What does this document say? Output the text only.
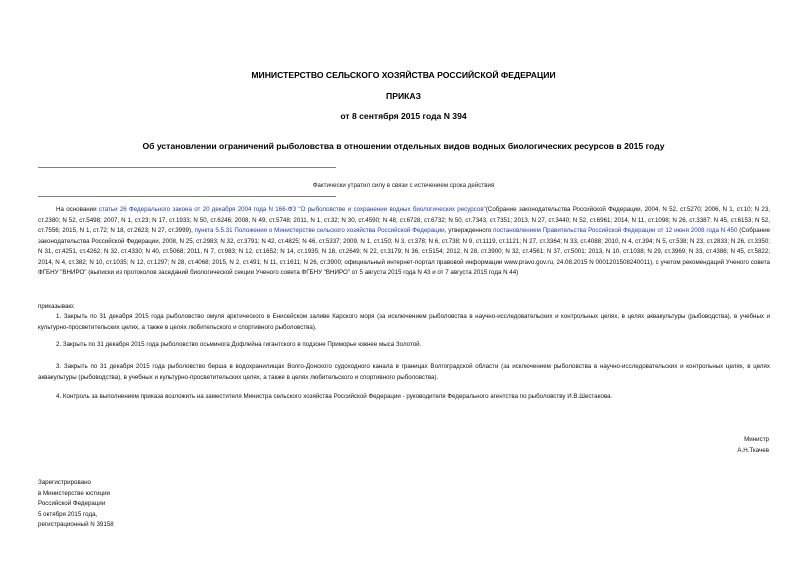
МИНИСТЕРСТВО СЕЛЬСКОГО ХОЗЯЙСТВА РОССИЙСКОЙ ФЕДЕРАЦИИ
ПРИКАЗ
от 8 сентября 2015 года N 394
Об установлении ограничений рыболовства в отношении отдельных видов водных биологических ресурсов в 2015 году
Фактически утратил силу в связи с истечением срока действия
На основании статьи 26 Федерального закона от 20 декабря 2004 года N 166-ФЗ "О рыболовстве и сохранении водных биологических ресурсов"(Собрание законодательства Российской Федерации, 2004, N 52, ст.5270; 2006, N 1, ст.10; N 23, ст.2380; N 52, ст.5498; 2007, N 1, ст.23; N 17, ст.1933; N 50, ст.6246; 2008, N 49, ст.5748; 2011, N 1, ст.32; N 30, ст.4590; N 48, ст.6728, ст.6732; N 50, ст.7343, ст.7351; 2013, N 27, ст.3440; N 52, ст.6961; 2014, N 11, ст.1098; N 26, ст.3387; N 45, ст.6153; N 52, ст.7556; 2015, N 1, ст.72; N 18, ст.2623; N 27, ст.3999), пункта 5.5.31 Положения о Министерстве сельского хозяйства Российской Федерации, утвержденного постановлением Правительства Российской Федерации от 12 июня 2008 года N 450 (Собрание законодательства Российской Федерации, 2008, N 25, ст.2983; N 32, ст.3791; N 42, ст.4825; N 46, ст.5337; 2009, N 1, ст.150; N 3, ст.378; N 6, ст.738; N 9, ст.1119, ст.1121; N 27, ст.3364; N 33, ст.4088; 2010, N 4, ст.394; N 5, ст.538; N 23, ст.2833; N 26, ст.3350; N 31, ст.4251, ст.4262; N 32, ст.4330; N 40, ст.5068; 2011, N 7, ст.983; N 12, ст.1652; N 14, ст.1935; N 18, ст.2649; N 22, ст.3179; N 36, ст.5154; 2012, N 28, ст.3900; N 32, ст.4561; N 37, ст.5001; 2013, N 10, ст.1038; N 29, ст.3969; N 33, ст.4386; N 45, ст.5822; 2014, N 4, ст.382; N 10, ст.1035; N 12, ст.1297; N 28, ст.4068; 2015, N 2, ст.491; N 11, ст.1611; N 26, ст.3900; официальный интернет-портал правовой информации www.pravo.gov.ru, 24.08.2015 N 0001201508240011), с учетом рекомендаций Ученого совета ФГБНУ "ВНИРО" (выписки из протоколов заседаний биологической секции Ученого совета ФГБНУ "ВНИРО" от 5 августа 2015 года N 43 и от 7 августа 2015 года N 44)
приказываю:
1. Закрыть по 31 декабря 2015 года рыболовство омуля арктического в Енисейском заливе Карского моря (за исключением рыболовства в научно-исследовательских и контрольных целях, в целях аквакультуры (рыбоводства), в учебных и культурно-просветительских целях, а также в целях любительского и спортивного рыболовства).
2. Закрыть по 31 декабря 2015 года рыболовство осьминога Дофлейна гигантского в подзоне Приморье южнее мыса Золотой.
3. Закрыть по 31 декабря 2015 года рыболовство берша в водохранилищах Волго-Донского судоходного канала в границах Волгоградской области (за исключением рыболовства в научно-исследовательских и контрольных целях, в целях аквакультуры (рыбоводства), в учебных и культурно-просветительских целях, а также в целях любительского и спортивного рыболовства).
4. Контроль за выполнением приказа возложить на заместителя Министра сельского хозяйства Российской Федерации - руководителя Федерального агентства по рыболовству И.В.Шестакова.
Министр
А.Н.Ткачев
Зарегистрировано
в Министерстве юстиции
Российской Федерации
5 октября 2015 года,
регистрационный N 39158
